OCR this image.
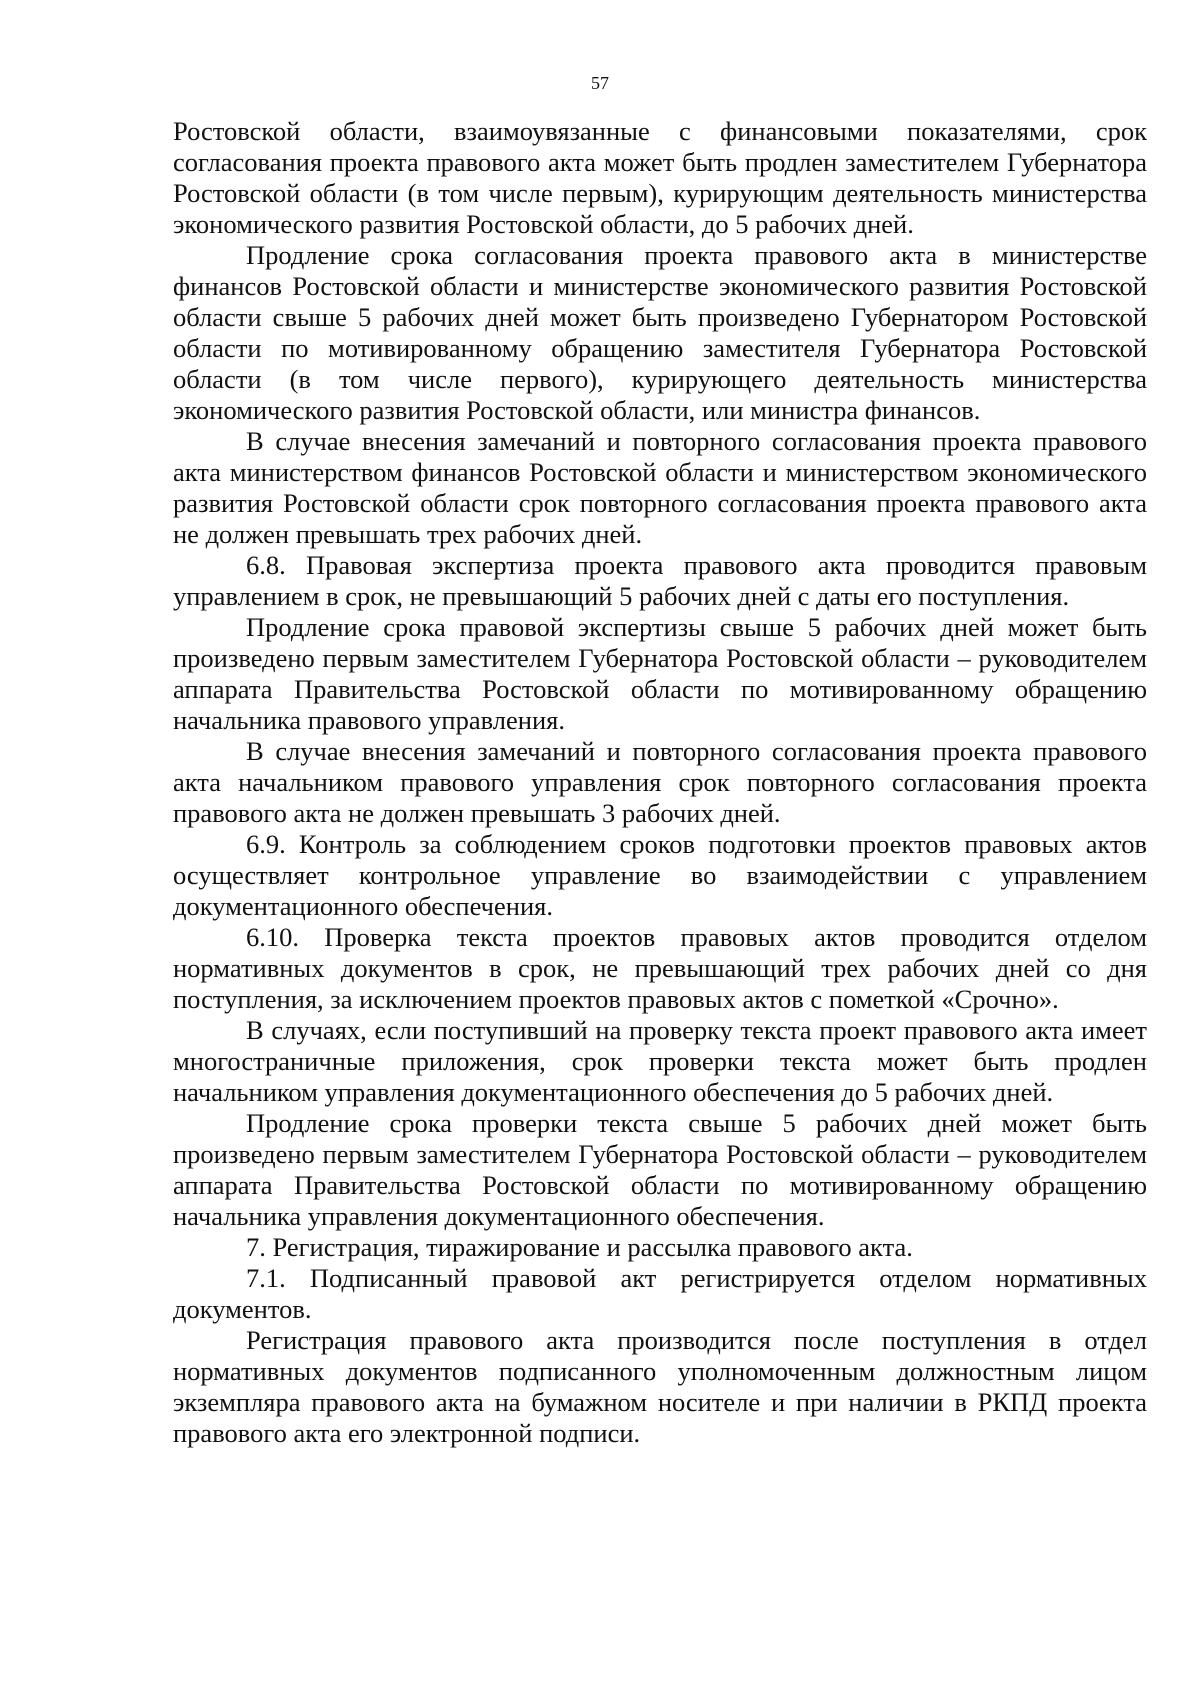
57

Ростовской области, взаимоувязанные с финансовыми показателями, срок согласования проекта правового акта может быть продлен заместителем Губернатора Ростовской области (в том числе первым), курирующим деятельность министерства экономического развития Ростовской области, до 5 рабочих дней.

Продление срока согласования проекта правового акта в министерстве финансов Ростовской области и министерстве экономического развития Ростовской области свыше 5 рабочих дней может быть произведено Губернатором Ростовской области по мотивированному обращению заместителя Губернатора Ростовской области (в том числе первого), курирующего деятельность министерства экономического развития Ростовской области, или министра финансов.

В случае внесения замечаний и повторного согласования проекта правового акта министерством финансов Ростовской области и министерством экономического развития Ростовской области срок повторного согласования проекта правового акта не должен превышать трех рабочих дней.

6.8. Правовая экспертиза проекта правового акта проводится правовым управлением в срок, не превышающий 5 рабочих дней с даты его поступления.

Продление срока правовой экспертизы свыше 5 рабочих дней может быть произведено первым заместителем Губернатора Ростовской области – руководителем аппарата Правительства Ростовской области по мотивированному обращению начальника правового управления.

В случае внесения замечаний и повторного согласования проекта правового акта начальником правового управления срок повторного согласования проекта правового акта не должен превышать 3 рабочих дней.

6.9. Контроль за соблюдением сроков подготовки проектов правовых актов осуществляет контрольное управление во взаимодействии с управлением документационного обеспечения.

6.10. Проверка текста проектов правовых актов проводится отделом нормативных документов в срок, не превышающий трех рабочих дней со дня поступления, за исключением проектов правовых актов с пометкой «Срочно».

В случаях, если поступивший на проверку текста проект правового акта имеет многостраничные приложения, срок проверки текста может быть продлен начальником управления документационного обеспечения до 5 рабочих дней.

Продление срока проверки текста свыше 5 рабочих дней может быть произведено первым заместителем Губернатора Ростовской области – руководителем аппарата Правительства Ростовской области по мотивированному обращению начальника управления документационного обеспечения.

7. Регистрация, тиражирование и рассылка правового акта.

7.1. Подписанный правовой акт регистрируется отделом нормативных документов.

Регистрация правового акта производится после поступления в отдел нормативных документов подписанного уполномоченным должностным лицом экземпляра правового акта на бумажном носителе и при наличии в РКПД проекта правового акта его электронной подписи.
